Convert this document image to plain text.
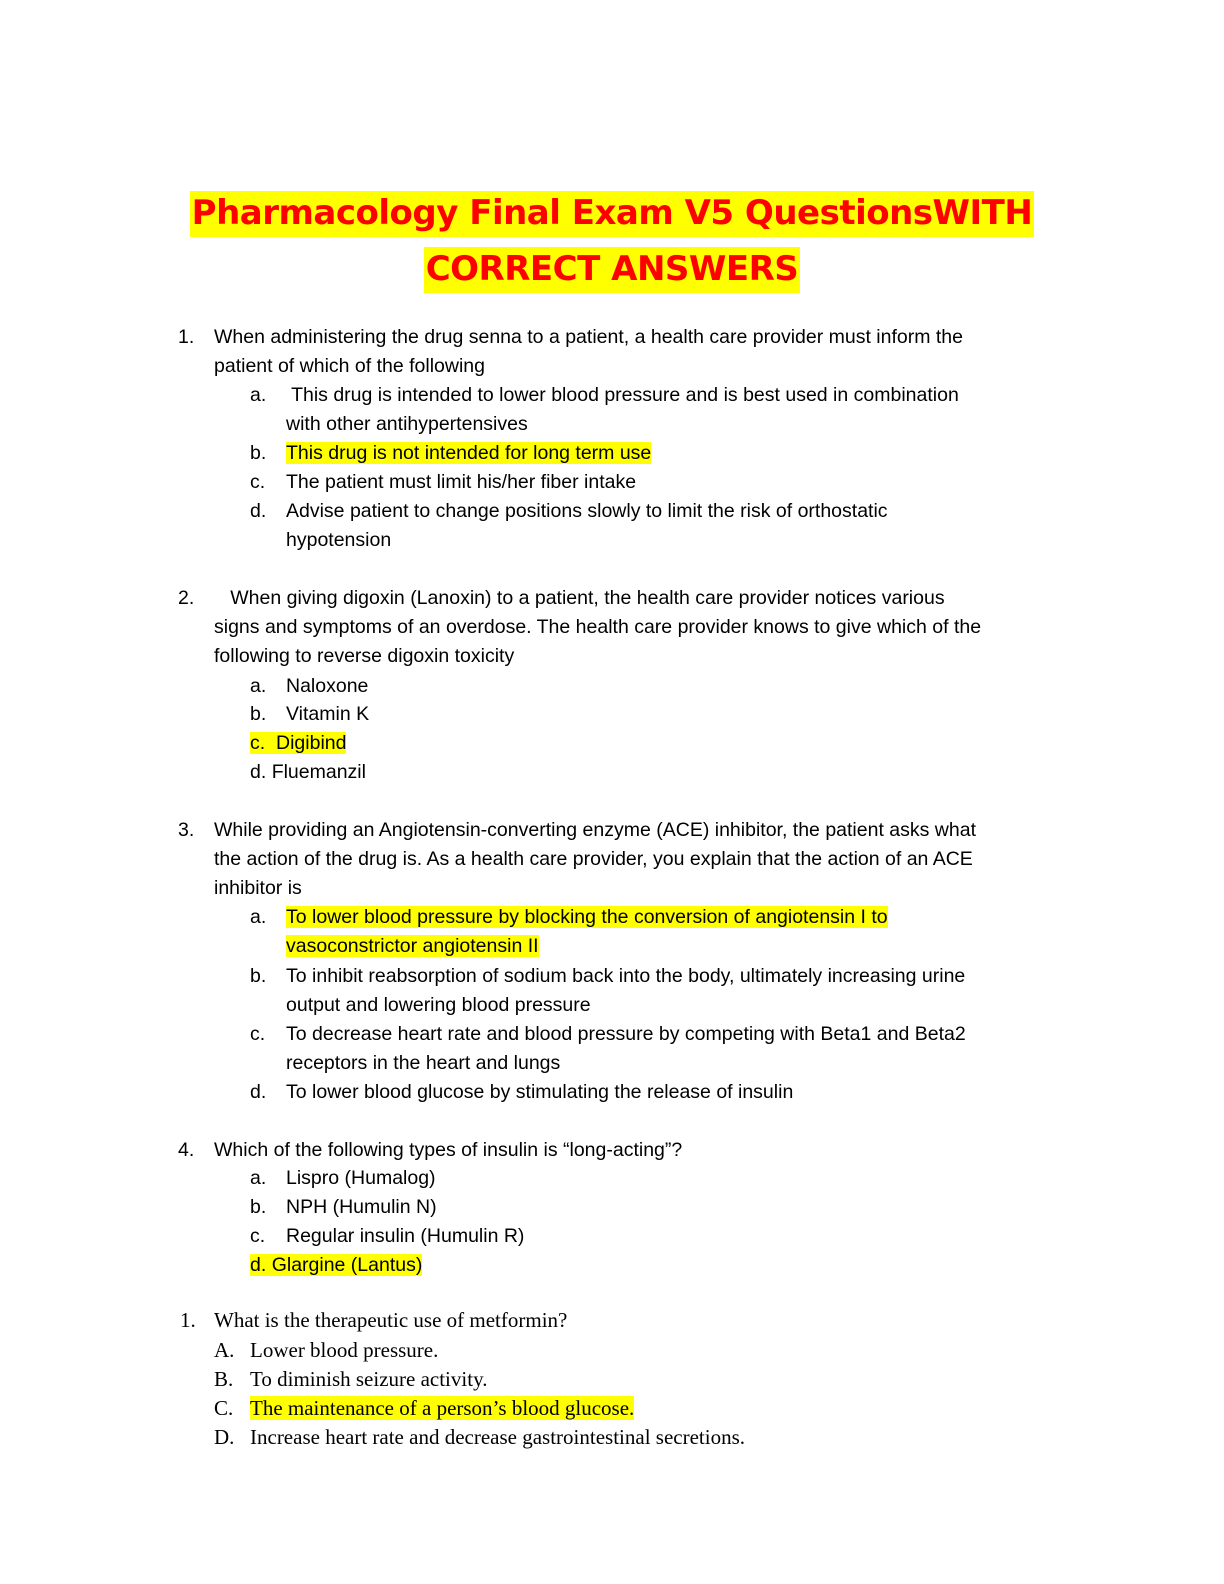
Pharmacology Final Exam V5 QuestionsWITH
CORRECT ANSWERS
1. When administering the drug senna to a patient, a health care provider must inform the
patient of which of the following
a. This drug is intended to lower blood pressure and is best used in combination
with other antihypertensives
b. This drug is not intended for long term use
c. The patient must limit his/her fiber intake
d. Advise patient to change positions slowly to limit the risk of orthostatic
hypotension
2. When giving digoxin (Lanoxin) to a patient, the health care provider notices various
signs and symptoms of an overdose. The health care provider knows to give which of the
following to reverse digoxin toxicity
a. Naloxone
b. Vitamin K
c. Digibind
d. Fluemanzil
3. While providing an Angiotensin-converting enzyme (ACE) inhibitor, the patient asks what
the action of the drug is. As a health care provider, you explain that the action of an ACE
inhibitor is
a. To lower blood pressure by blocking the conversion of angiotensin I to
vasoconstrictor angiotensin II
b. To inhibit reabsorption of sodium back into the body, ultimately increasing urine
output and lowering blood pressure
c. To decrease heart rate and blood pressure by competing with Beta1 and Beta2
receptors in the heart and lungs
d. To lower blood glucose by stimulating the release of insulin
4. Which of the following types of insulin is “long-acting”?
a. Lispro (Humalog)
b. NPH (Humulin N)
c. Regular insulin (Humulin R)
d. Glargine (Lantus)
1. What is the therapeutic use of metformin?
A. Lower blood pressure.
B. To diminish seizure activity.
C. The maintenance of a person’s blood glucose.
D. Increase heart rate and decrease gastrointestinal secretions.
